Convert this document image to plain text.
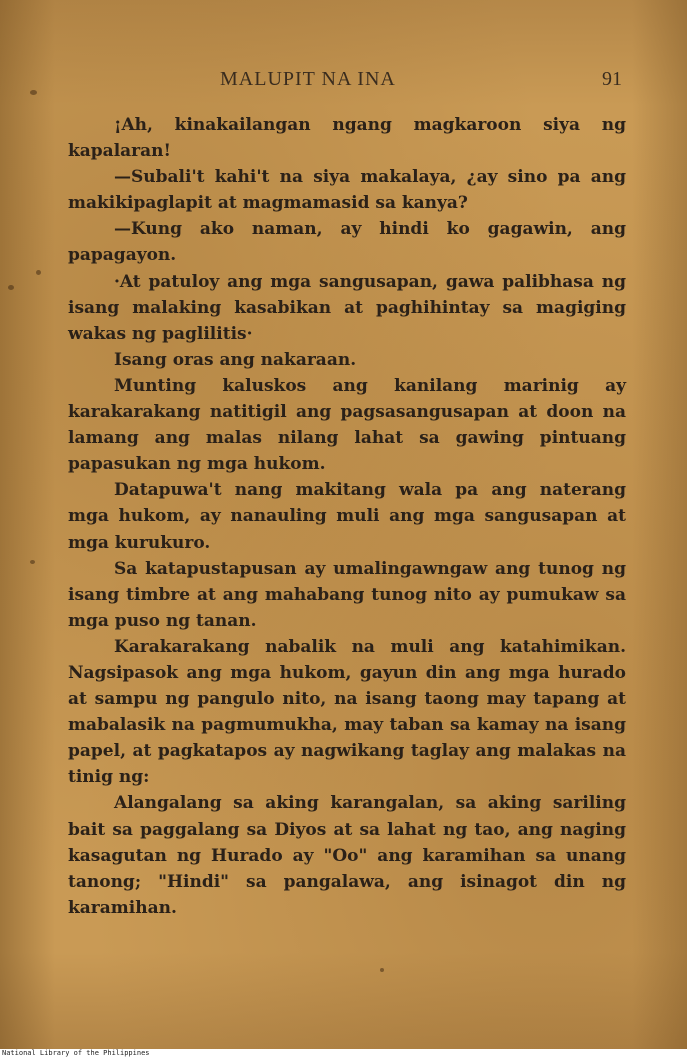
MALUPIT NA INA	91

¡Ah, kinakailangan ngang magkaroon siya ng kapalaran!

—Subali't kahi't na siya makalaya, ¿ay sino pa ang makikipaglapit at magmamasid sa kanya?

—Kung ako naman, ay hindi ko gagawin, ang papagayon.

·At patuloy ang mga sangusapan, gawa palibhasa ng isang malaking kasabikan at paghihintay sa magiging wakas ng paglilitis·

Isang oras ang nakaraan.

Munting kaluskos ang kanilang marinig ay karakarakang natitigil ang pagsasangusapan at doon na lamang ang malas nilang lahat sa gawing pintuang papasukan ng mga hukom.

Datapuwa't nang makitang wala pa ang naterang mga hukom, ay nanauling muli ang mga sangusapan at mga kurukuro.

Sa katapustapusan ay umalingawngaw ang tunog ng isang timbre at ang mahabang tunog nito ay pumukaw sa mga puso ng tanan.

Karakarakang nabalik na muli ang katahimikan. Nagsipasok ang mga hukom, gayun din ang mga hurado at sampu ng pangulo nito, na isang taong may tapang at mabalasik na pagmumukha, may taban sa kamay na isang papel, at pagkatapos ay nagwikang taglay ang malakas na tinig ng:

Alangalang sa aking karangalan, sa aking sariling bait sa paggalang sa Diyos at sa lahat ng tao, ang naging kasagutan ng Hurado ay "Oo" ang karamihan sa unang tanong; "Hindi" sa pangalawa, ang isinagot din ng karamihan.

National Library of the Philippines
